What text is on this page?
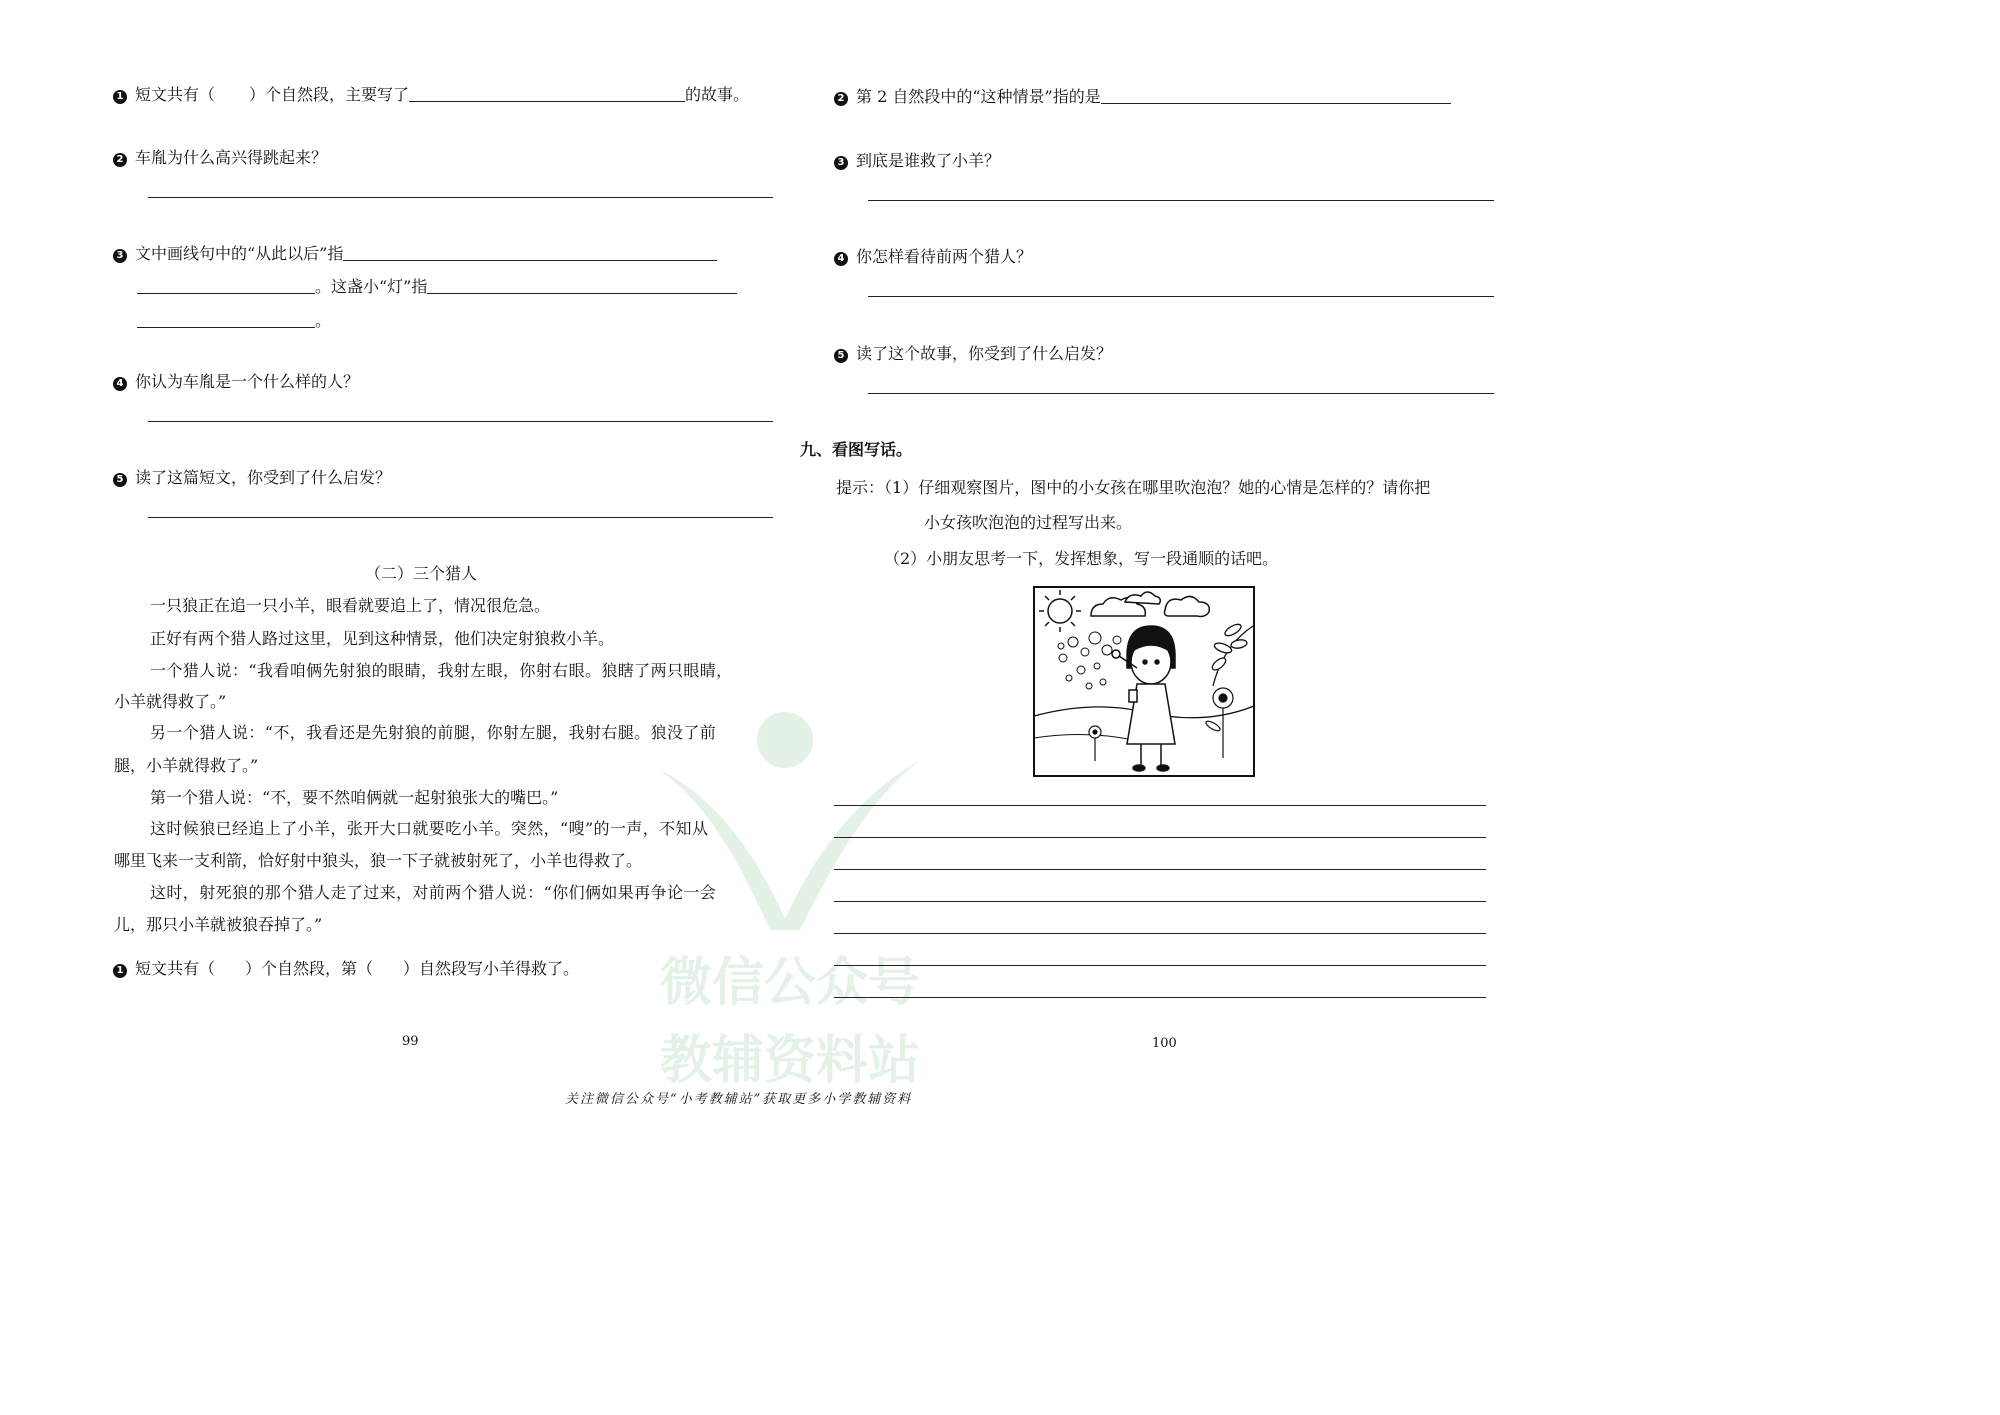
微信公众号
教辅资料站
1 短文共有（ ）个自然段，主要写了	的故事。
2 车胤为什么高兴得跳起来？
3 文中画线句中的“从此以后”指
。这盏小“灯”指
。
4 你认为车胤是一个什么样的人？
5 读了这篇短文，你受到了什么启发？
（二）三个猎人
一只狼正在追一只小羊，眼看就要追上了，情况很危急。
正好有两个猎人路过这里，见到这种情景，他们决定射狼救小羊。
一个猎人说：“我看咱俩先射狼的眼睛，我射左眼，你射右眼。狼瞎了两只眼睛，
小羊就得救了。”
另一个猎人说：“不，我看还是先射狼的前腿，你射左腿，我射右腿。狼没了前
腿，小羊就得救了。”
第一个猎人说：“不，要不然咱俩就一起射狼张大的嘴巴。”
这时候狼已经追上了小羊，张开大口就要吃小羊。突然，“嗖”的一声，不知从
哪里飞来一支利箭，恰好射中狼头，狼一下子就被射死了，小羊也得救了。
这时，射死狼的那个猎人走了过来，对前两个猎人说：“你们俩如果再争论一会
儿，那只小羊就被狼吞掉了。”
1 短文共有（ ）个自然段，第（ ）自然段写小羊得救了。
99
2 第 2 自然段中的“这种情景”指的是
3 到底是谁救了小羊？
4 你怎样看待前两个猎人？
5 读了这个故事，你受到了什么启发？
九、看图写话。
提示：（1）仔细观察图片，图中的小女孩在哪里吹泡泡？她的心情是怎样的？请你把
小女孩吹泡泡的过程写出来。
（2）小朋友思考一下，发挥想象，写一段通顺的话吧。
100
关注微信公众号“小考教辅站”获取更多小学教辅资料
